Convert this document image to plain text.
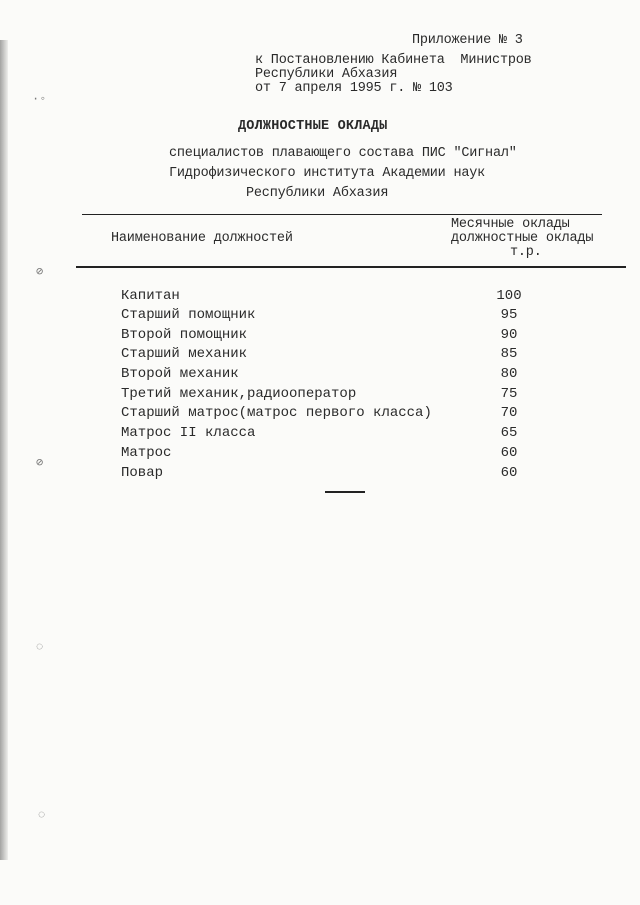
Приложение № 3
к Постановлению Кабинета  Министров
Республики Абхазия
от 7 апреля 1995 г. № 103
ДОЛЖНОСТНЫЕ ОКЛАДЫ
специалистов плавающего состава ПИС "Сигнал"
Гидрофизического института Академии наук
Республики Абхазия
Наименование должностей
Месячные оклады
должностные оклады
т.р.
Капитан	100
Старший помощник	95
Второй помощник	90
Старший механик	85
Второй механик	80
Третий механик,радиооператор	75
Старший матрос(матрос первого класса)	70
Матрос II класса	65
Матрос	60
Повар	60
·◦
⊘
⊘
◌
◌
